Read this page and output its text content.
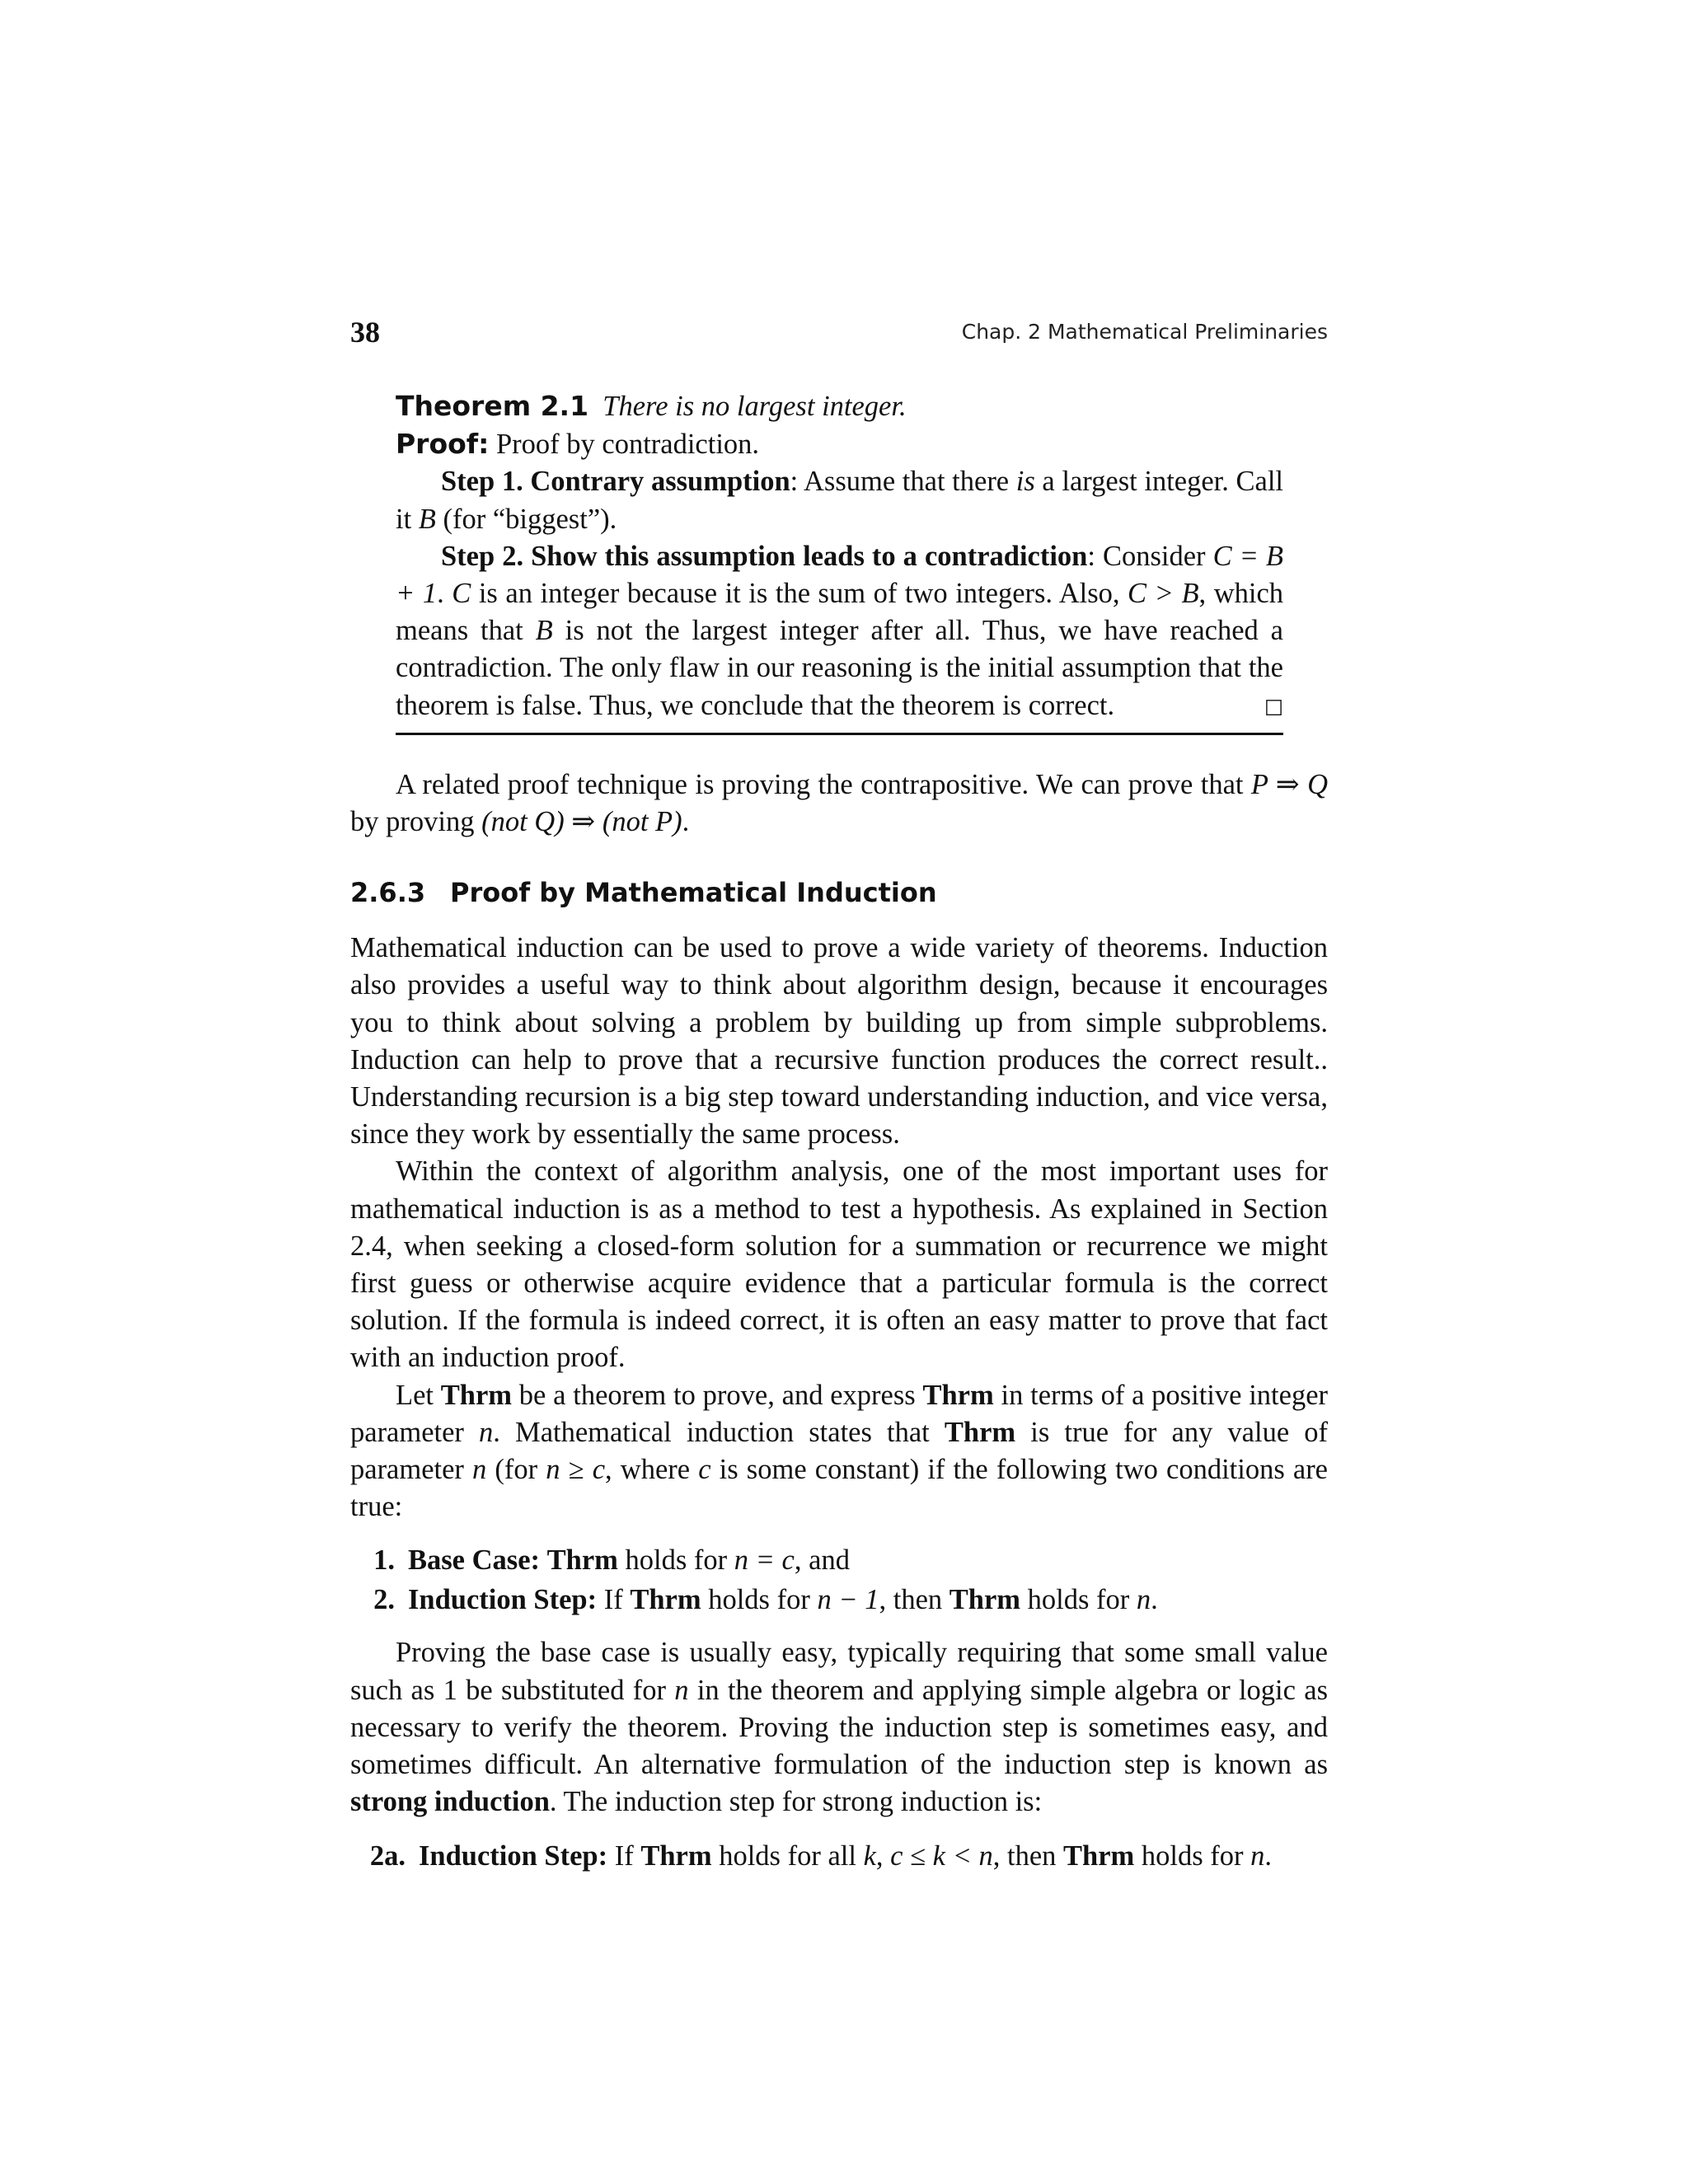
38	Chap. 2 Mathematical Preliminaries

Theorem 2.1 There is no largest integer.

Proof: Proof by contradiction.

Step 1. Contrary assumption: Assume that there is a largest integer. Call it B (for “biggest”).

Step 2. Show this assumption leads to a contradiction: Consider C = B + 1. C is an integer because it is the sum of two integers. Also, C > B, which means that B is not the largest integer after all. Thus, we have reached a contradiction. The only flaw in our reasoning is the initial assumption that the theorem is false. Thus, we conclude that the theorem is correct.	☐

A related proof technique is proving the contrapositive. We can prove that P ⇒ Q by proving (not Q) ⇒ (not P).

2.6.3 Proof by Mathematical Induction

Mathematical induction can be used to prove a wide variety of theorems. Induction also provides a useful way to think about algorithm design, because it encourages you to think about solving a problem by building up from simple subproblems. Induction can help to prove that a recursive function produces the correct result.. Understanding recursion is a big step toward understanding induction, and vice versa, since they work by essentially the same process.

Within the context of algorithm analysis, one of the most important uses for mathematical induction is as a method to test a hypothesis. As explained in Section 2.4, when seeking a closed-form solution for a summation or recurrence we might first guess or otherwise acquire evidence that a particular formula is the correct solution. If the formula is indeed correct, it is often an easy matter to prove that fact with an induction proof.

Let Thrm be a theorem to prove, and express Thrm in terms of a positive integer parameter n. Mathematical induction states that Thrm is true for any value of parameter n (for n ≥ c, where c is some constant) if the following two conditions are true:

1. Base Case: Thrm holds for n = c, and
2. Induction Step: If Thrm holds for n − 1, then Thrm holds for n.

Proving the base case is usually easy, typically requiring that some small value such as 1 be substituted for n in the theorem and applying simple algebra or logic as necessary to verify the theorem. Proving the induction step is sometimes easy, and sometimes difficult. An alternative formulation of the induction step is known as strong induction. The induction step for strong induction is:

2a. Induction Step: If Thrm holds for all k, c ≤ k < n, then Thrm holds for n.
